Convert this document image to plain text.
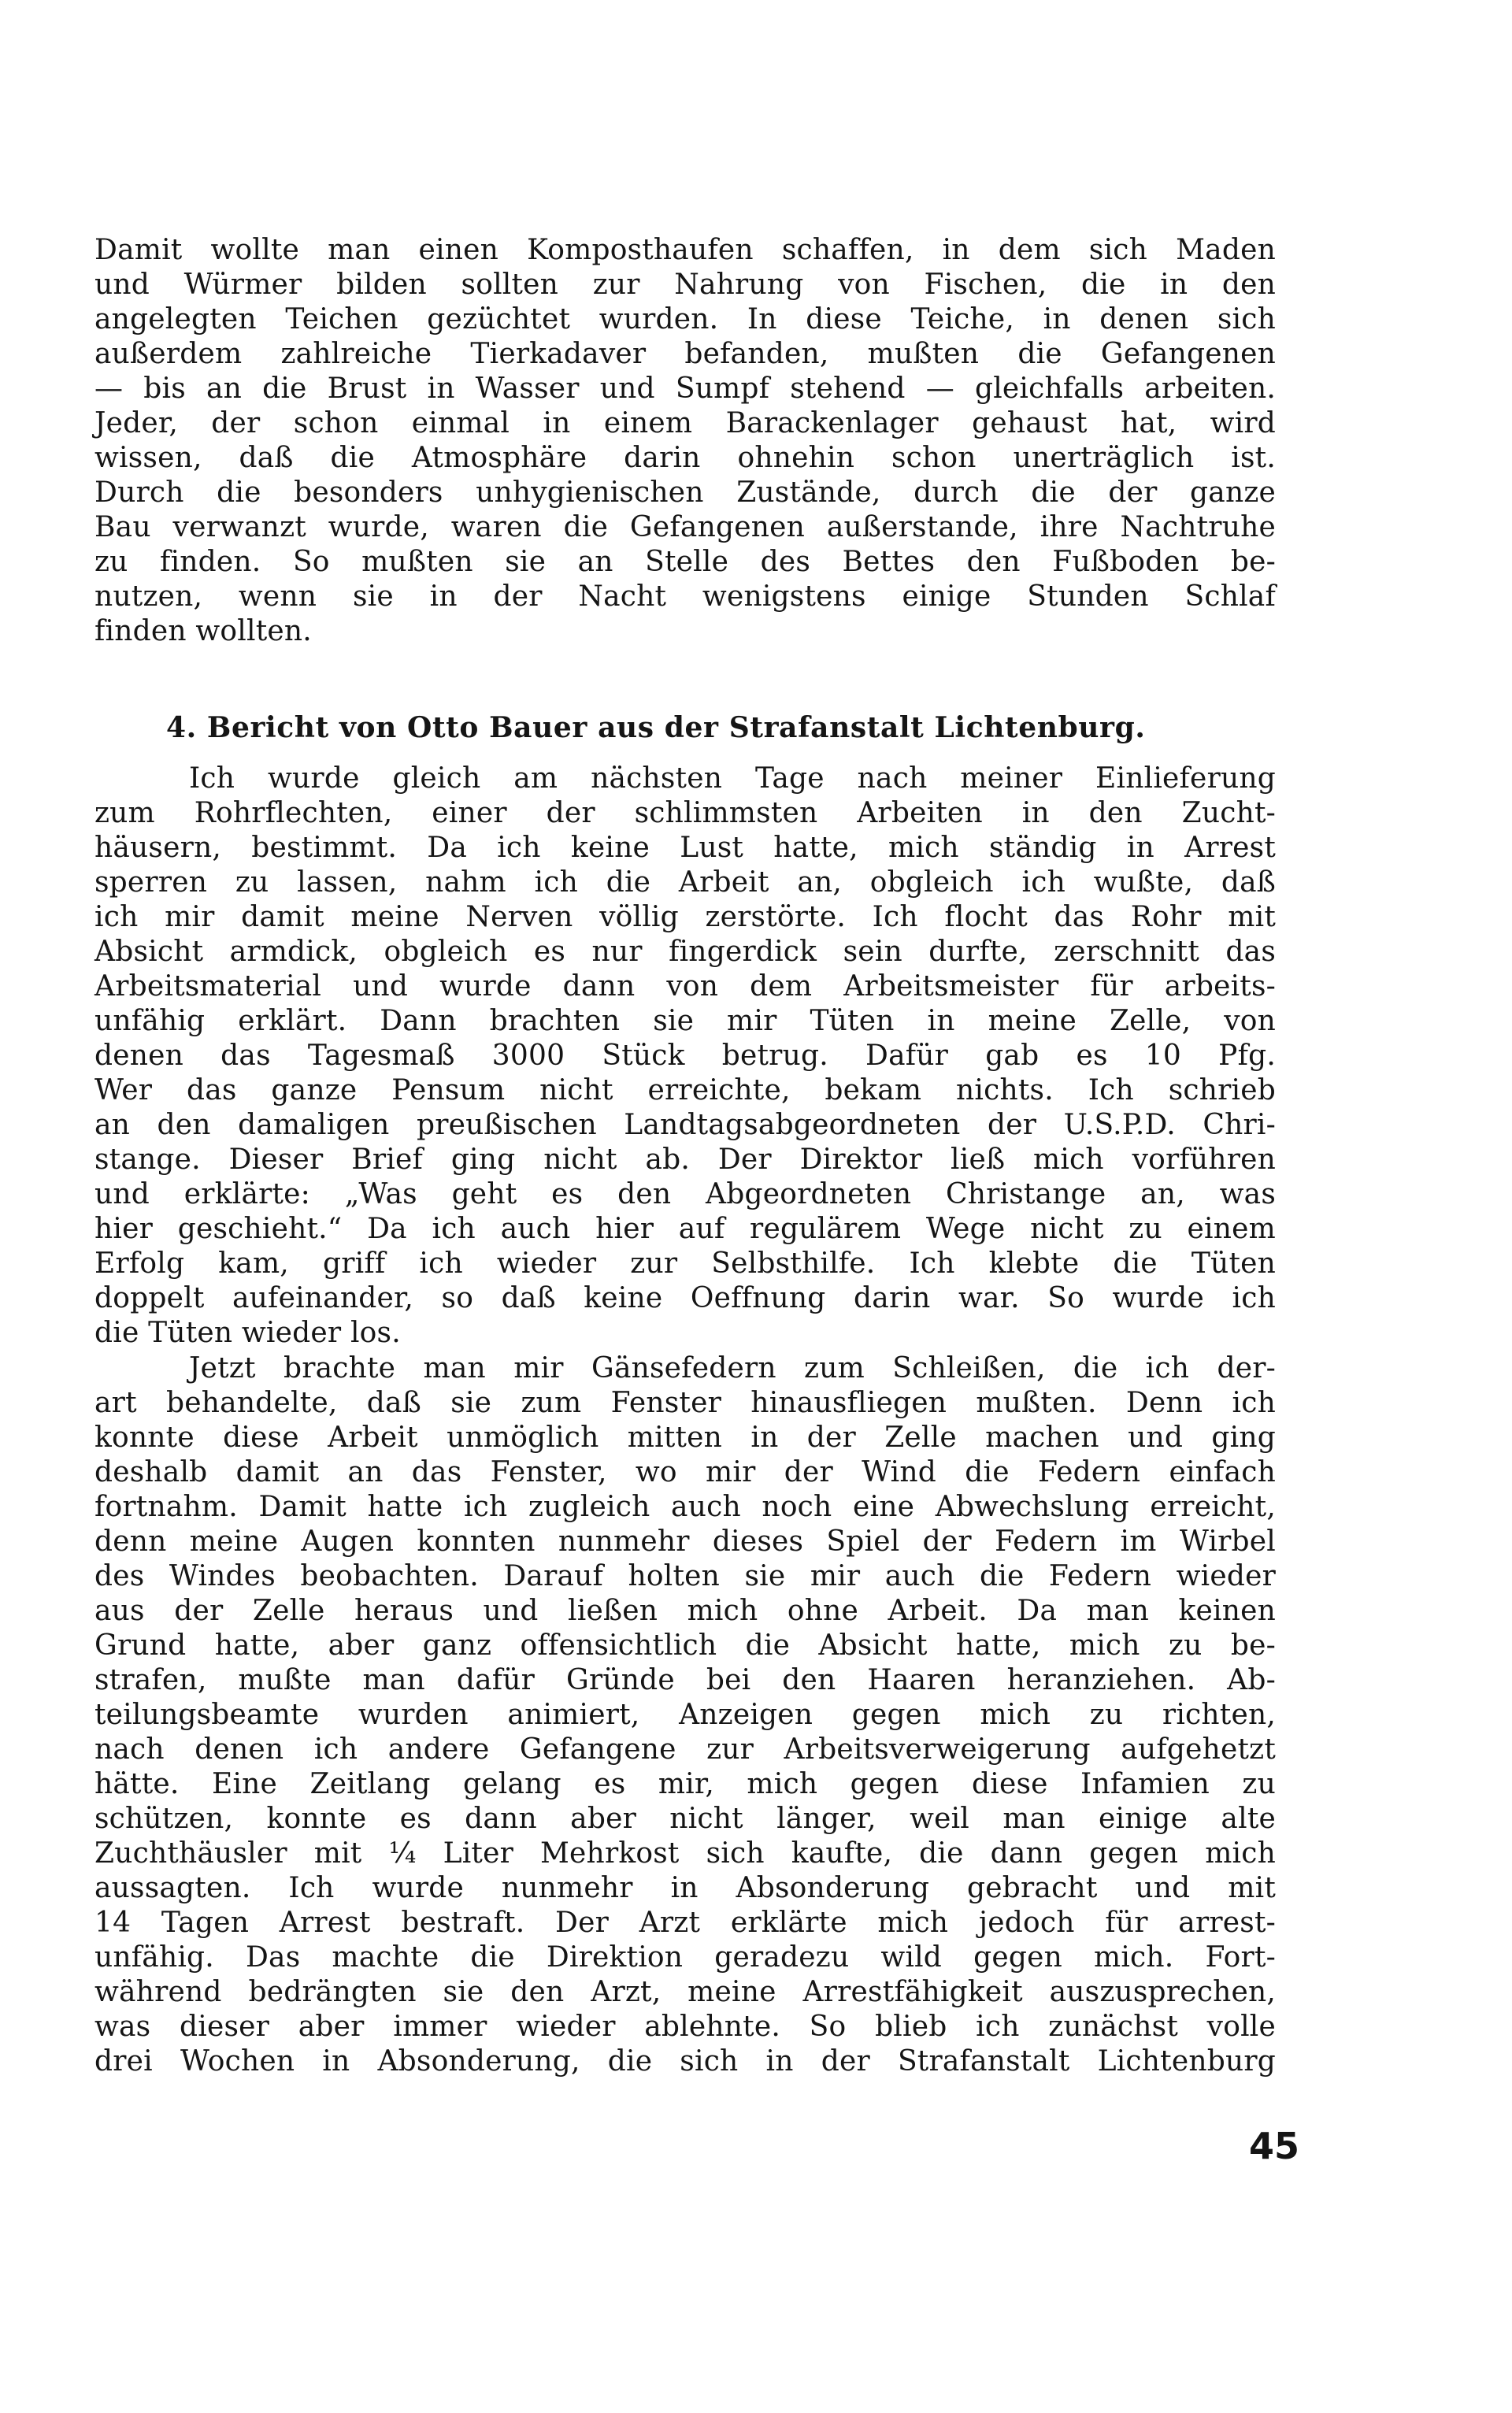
Damit wollte man einen Komposthaufen schaffen, in dem sich Maden
und Würmer bilden sollten zur Nahrung von Fischen, die in den
angelegten Teichen gezüchtet wurden. In diese Teiche, in denen sich
außerdem zahlreiche Tierkadaver befanden, mußten die Gefangenen
— bis an die Brust in Wasser und Sumpf stehend — gleichfalls arbeiten.
Jeder, der schon einmal in einem Barackenlager gehaust hat, wird
wissen, daß die Atmosphäre darin ohnehin schon unerträglich ist.
Durch die besonders unhygienischen Zustände, durch die der ganze
Bau verwanzt wurde, waren die Gefangenen außerstande, ihre Nachtruhe
zu finden. So mußten sie an Stelle des Bettes den Fußboden be-
nutzen, wenn sie in der Nacht wenigstens einige Stunden Schlaf
finden wollten.
4. Bericht von Otto Bauer aus der Strafanstalt Lichtenburg.
Ich wurde gleich am nächsten Tage nach meiner Einlieferung
zum Rohrflechten, einer der schlimmsten Arbeiten in den Zucht-
häusern, bestimmt. Da ich keine Lust hatte, mich ständig in Arrest
sperren zu lassen, nahm ich die Arbeit an, obgleich ich wußte, daß
ich mir damit meine Nerven völlig zerstörte. Ich flocht das Rohr mit
Absicht armdick, obgleich es nur fingerdick sein durfte, zerschnitt das
Arbeitsmaterial und wurde dann von dem Arbeitsmeister für arbeits-
unfähig erklärt. Dann brachten sie mir Tüten in meine Zelle, von
denen das Tagesmaß 3000 Stück betrug. Dafür gab es 10 Pfg.
Wer das ganze Pensum nicht erreichte, bekam nichts. Ich schrieb
an den damaligen preußischen Landtagsabgeordneten der U.S.P.D. Chri-
stange. Dieser Brief ging nicht ab. Der Direktor ließ mich vorführen
und erklärte: „Was geht es den Abgeordneten Christange an, was
hier geschieht.“ Da ich auch hier auf regulärem Wege nicht zu einem
Erfolg kam, griff ich wieder zur Selbsthilfe. Ich klebte die Tüten
doppelt aufeinander, so daß keine Oeffnung darin war. So wurde ich
die Tüten wieder los.
Jetzt brachte man mir Gänsefedern zum Schleißen, die ich der-
art behandelte, daß sie zum Fenster hinausfliegen mußten. Denn ich
konnte diese Arbeit unmöglich mitten in der Zelle machen und ging
deshalb damit an das Fenster, wo mir der Wind die Federn einfach
fortnahm. Damit hatte ich zugleich auch noch eine Abwechslung erreicht,
denn meine Augen konnten nunmehr dieses Spiel der Federn im Wirbel
des Windes beobachten. Darauf holten sie mir auch die Federn wieder
aus der Zelle heraus und ließen mich ohne Arbeit. Da man keinen
Grund hatte, aber ganz offensichtlich die Absicht hatte, mich zu be-
strafen, mußte man dafür Gründe bei den Haaren heranziehen. Ab-
teilungsbeamte wurden animiert, Anzeigen gegen mich zu richten,
nach denen ich andere Gefangene zur Arbeitsverweigerung aufgehetzt
hätte. Eine Zeitlang gelang es mir, mich gegen diese Infamien zu
schützen, konnte es dann aber nicht länger, weil man einige alte
Zuchthäusler mit ¼ Liter Mehrkost sich kaufte, die dann gegen mich
aussagten. Ich wurde nunmehr in Absonderung gebracht und mit
14 Tagen Arrest bestraft. Der Arzt erklärte mich jedoch für arrest-
unfähig. Das machte die Direktion geradezu wild gegen mich. Fort-
während bedrängten sie den Arzt, meine Arrestfähigkeit auszusprechen,
was dieser aber immer wieder ablehnte. So blieb ich zunächst volle
drei Wochen in Absonderung, die sich in der Strafanstalt Lichtenburg
45
